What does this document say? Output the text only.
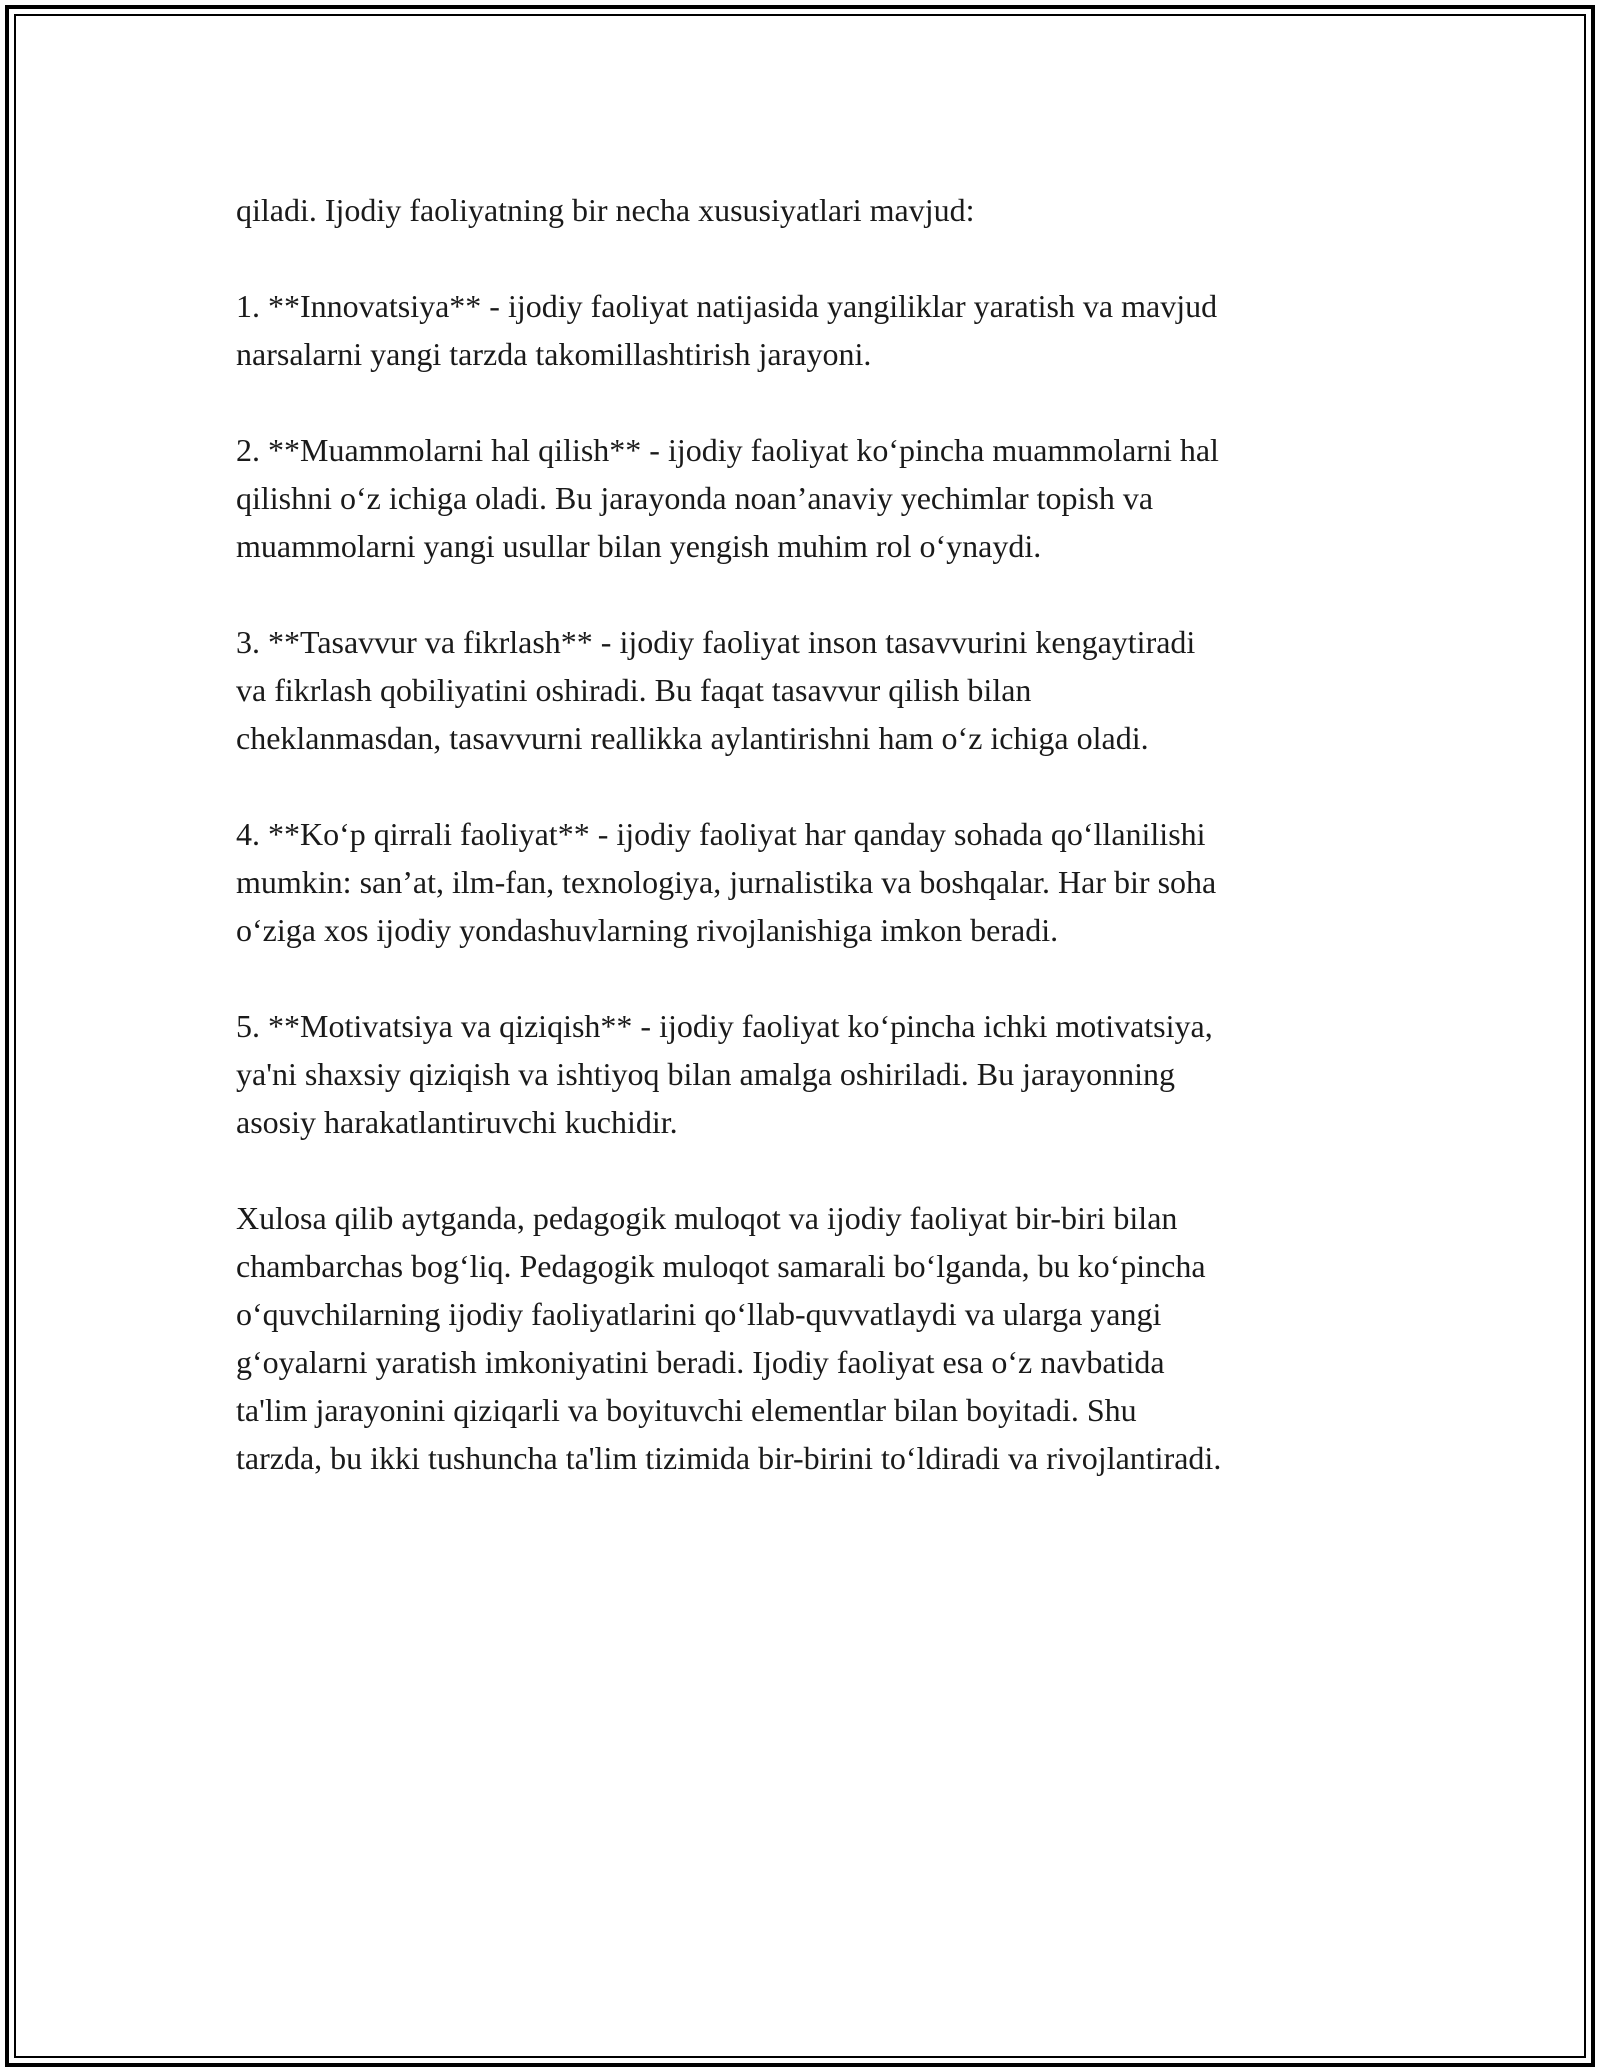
qiladi. Ijodiy faoliyatning bir necha xususiyatlari mavjud:
1. **Innovatsiya** - ijodiy faoliyat natijasida yangiliklar yaratish va mavjud
narsalarni yangi tarzda takomillashtirish jarayoni.
2. **Muammolarni hal qilish** - ijodiy faoliyat ko‘pincha muammolarni hal
qilishni o‘z ichiga oladi. Bu jarayonda noan’anaviy yechimlar topish va
muammolarni yangi usullar bilan yengish muhim rol o‘ynaydi.
3. **Tasavvur va fikrlash** - ijodiy faoliyat inson tasavvurini kengaytiradi
va fikrlash qobiliyatini oshiradi. Bu faqat tasavvur qilish bilan
cheklanmasdan, tasavvurni reallikka aylantirishni ham o‘z ichiga oladi.
4. **Ko‘p qirrali faoliyat** - ijodiy faoliyat har qanday sohada qo‘llanilishi
mumkin: san’at, ilm-fan, texnologiya, jurnalistika va boshqalar. Har bir soha
o‘ziga xos ijodiy yondashuvlarning rivojlanishiga imkon beradi.
5. **Motivatsiya va qiziqish** - ijodiy faoliyat ko‘pincha ichki motivatsiya,
ya'ni shaxsiy qiziqish va ishtiyoq bilan amalga oshiriladi. Bu jarayonning
asosiy harakatlantiruvchi kuchidir.
Xulosa qilib aytganda, pedagogik muloqot va ijodiy faoliyat bir-biri bilan
chambarchas bog‘liq. Pedagogik muloqot samarali bo‘lganda, bu ko‘pincha
o‘quvchilarning ijodiy faoliyatlarini qo‘llab-quvvatlaydi va ularga yangi
g‘oyalarni yaratish imkoniyatini beradi. Ijodiy faoliyat esa o‘z navbatida
ta'lim jarayonini qiziqarli va boyituvchi elementlar bilan boyitadi. Shu
tarzda, bu ikki tushuncha ta'lim tizimida bir-birini to‘ldiradi va rivojlantiradi.
